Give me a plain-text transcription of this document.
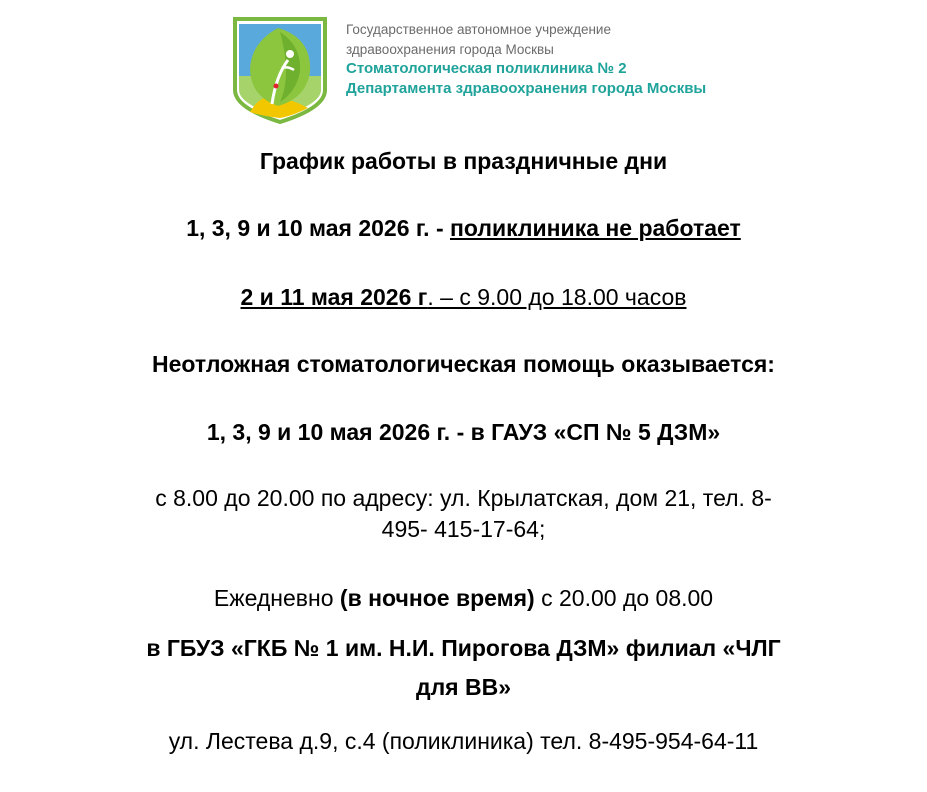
Государственное автономное учреждение
здравоохранения города Москвы
Стоматологическая поликлиника № 2
Департамента здравоохранения города Москвы
График работы в праздничные дни
1, 3, 9 и 10 мая 2026 г. - поликлиника не работает
2 и 11 мая 2026 г. – с 9.00 до 18.00 часов
Неотложная стоматологическая помощь оказывается:
1, 3, 9 и 10 мая 2026 г. - в ГАУЗ «СП № 5 ДЗМ»
с 8.00 до 20.00 по адресу: ул. Крылатская, дом 21, тел. 8-
495- 415-17-64;
Ежедневно (в ночное время) с 20.00 до 08.00
в ГБУЗ «ГКБ № 1 им. Н.И. Пирогова ДЗМ» филиал «ЧЛГ
для ВВ»
ул. Лестева д.9, с.4 (поликлиника) тел. 8-495-954-64-11
